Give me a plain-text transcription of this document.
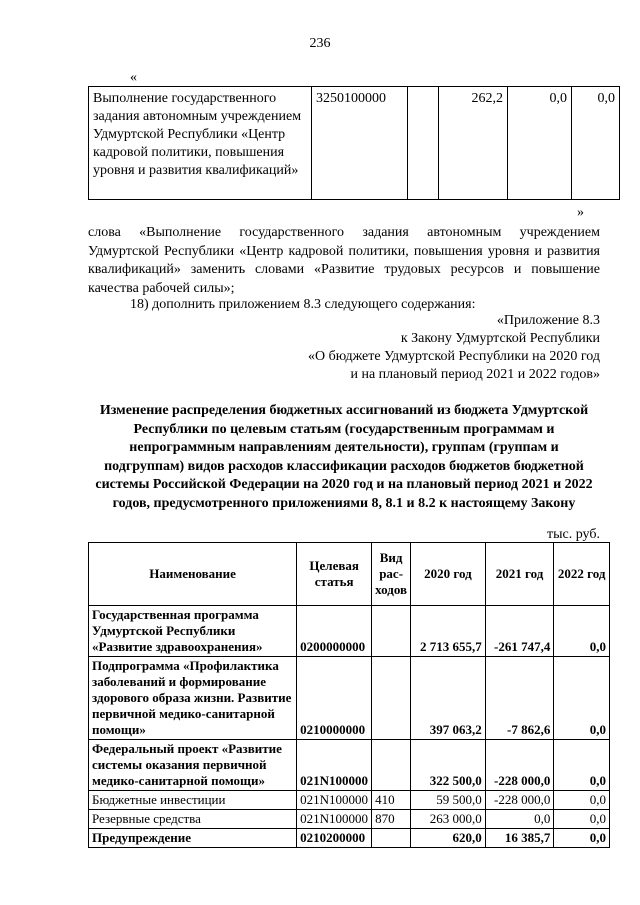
236
«
Выполнение государственного задания автономным учреждением Удмуртской Республики «Центр кадровой политики, повышения уровня и развития квалификаций»	3250100000		262,2	0,0	0,0
»
слова «Выполнение государственного задания автономным учреждением Удмуртской Республики «Центр кадровой политики, повышения уровня и развития квалификаций» заменить словами «Развитие трудовых ресурсов и повышение качества рабочей силы»;
18) дополнить приложением 8.3 следующего содержания:
«Приложение 8.3
к Закону Удмуртской Республики
«О бюджете Удмуртской Республики на 2020 год
и на плановый период 2021 и 2022 годов»
Изменение распределения бюджетных ассигнований из бюджета Удмуртской Республики по целевым статьям (государственным программам и непрограммным направлениям деятельности), группам (группам и подгруппам) видов расходов классификации расходов бюджетов бюджетной системы Российской Федерации на 2020 год и на плановый период 2021 и 2022 годов, предусмотренного приложениями 8, 8.1 и 8.2 к настоящему Закону
тыс. руб.
Наименование	Целевая статья	Вид рас-ходов	2020 год	2021 год	2022 год
Государственная программа Удмуртской Республики «Развитие здравоохранения»	0200000000		2 713 655,7	-261 747,4	0,0
Подпрограмма «Профилактика заболеваний и формирование здорового образа жизни. Развитие первичной медико-санитарной помощи»	0210000000		397 063,2	-7 862,6	0,0
Федеральный проект «Развитие системы оказания первичной медико-санитарной помощи»	021N100000		322 500,0	-228 000,0	0,0
Бюджетные инвестиции	021N100000	410	59 500,0	-228 000,0	0,0
Резервные средства	021N100000	870	263 000,0	0,0	0,0
Предупреждение	0210200000		620,0	16 385,7	0,0
